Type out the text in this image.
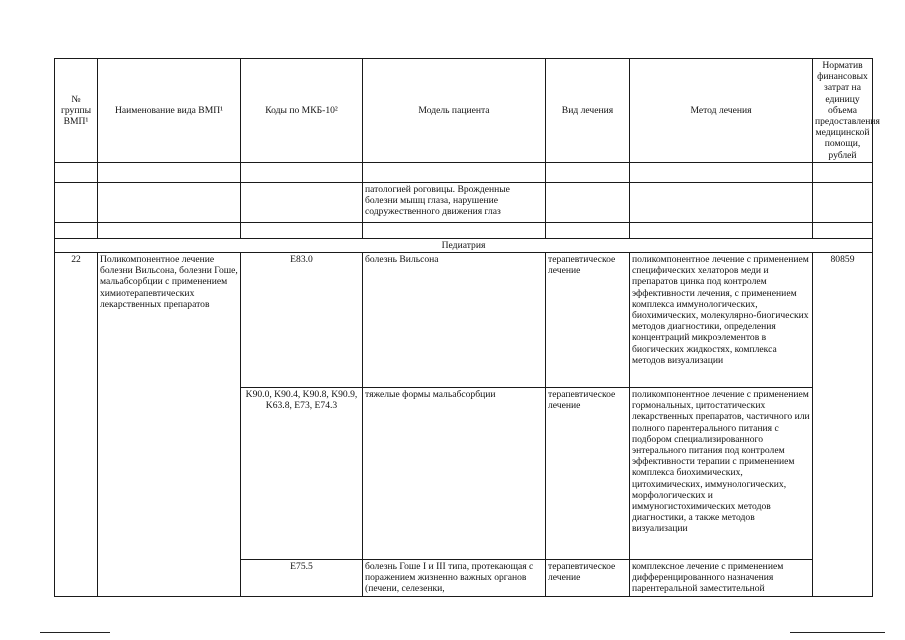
№ группы ВМП¹	Наименование вида ВМП¹	Коды по МКБ-10²	Модель пациента	Вид лечения	Метод лечения	Норматив финансовых затрат на единицу объема предоставления медицинской помощи, рублей

			патологией роговицы. Врожденные болезни мышц глаза, нарушение содружественного движения глаз			

Педиатрия						
22	Поликомпонентное лечение болезни Вильсона, болезни Гоше, мальабсорбции с применением химиотерапевтических лекарственных препаратов	E83.0	болезнь Вильсона	терапевтическое лечение	поликомпонентное лечение с применением специфических хелаторов меди и препаратов цинка под контролем эффективности лечения, с применением комплекса иммунологических, биохимических, молекулярно-биогических методов диагностики, определения концентраций микроэлементов в биогических жидкостях, комплекса методов визуализации	80859
		K90.0, K90.4, K90.8, K90.9, K63.8, E73, E74.3	тяжелые формы мальабсорбции	терапевтическое лечение	поликомпонентное лечение с применением гормональных, цитостатических лекарственных препаратов, частичного или полного парентерального питания с подбором специализированного энтерального питания под контролем эффективности терапии с применением комплекса биохимических, цитохимических, иммунологических, морфологических и иммуногистохимических методов диагностики, а также методов визуализации	
		E75.5	болезнь Гоше I и III типа, протекающая с поражением жизненно важных органов (печени, селезенки,	терапевтическое лечение	комплексное лечение с применением дифференцированного назначения парентеральной заместительной	
